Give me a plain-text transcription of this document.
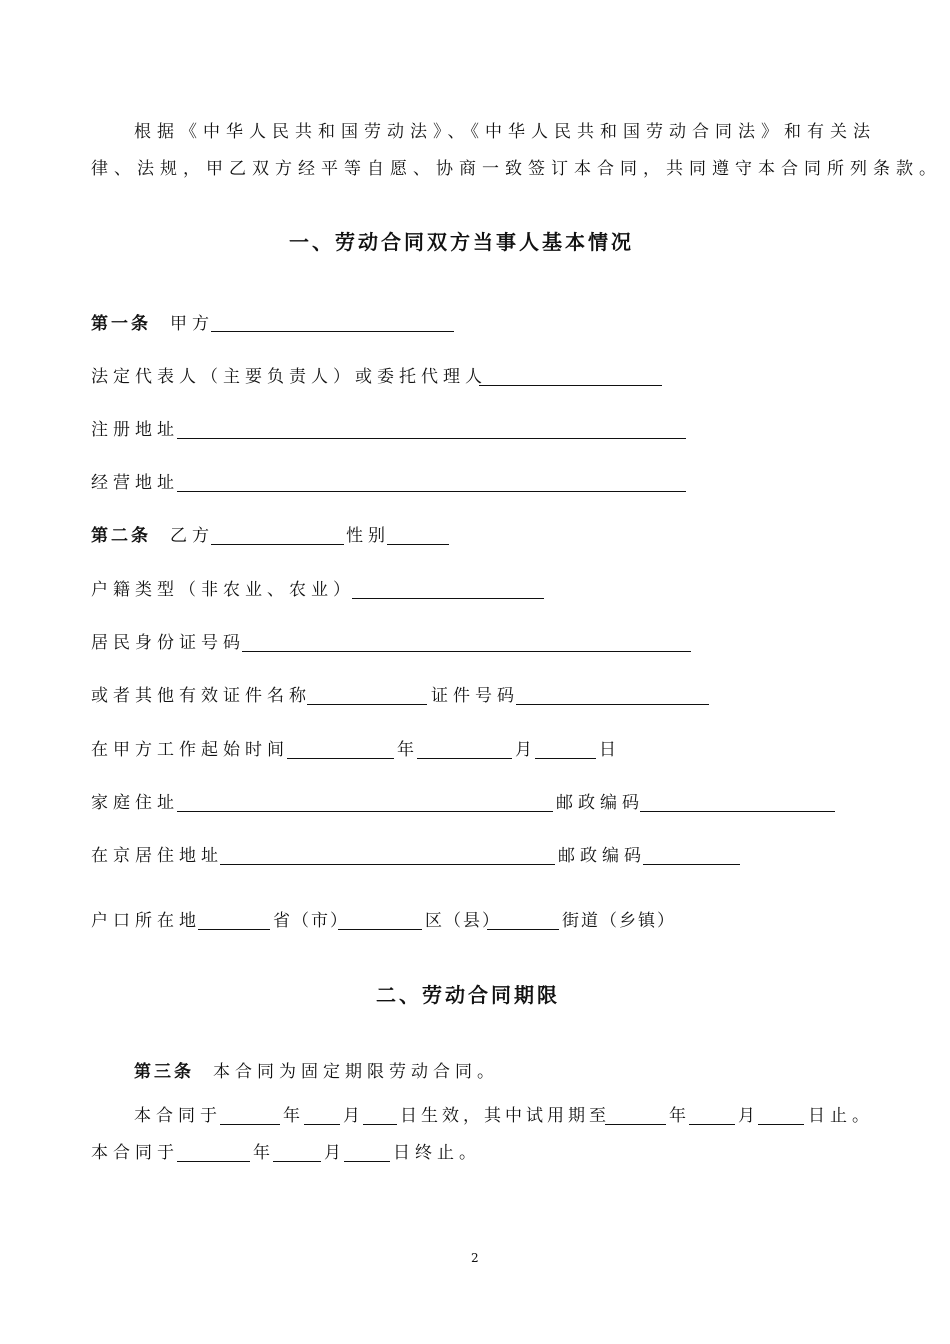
根据《中华人民共和国劳动法》、《中华人民共和国劳动合同法》和有关法
律、法规，甲乙双方经平等自愿、协商一致签订本合同，共同遵守本合同所列条款。
一、劳动合同双方当事人基本情况
第一条 甲方
法定代表人（主要负责人）或委托代理人
注册地址
经营地址
第二条 乙方	性别
户籍类型（非农业、农业）
居民身份证号码
或者其他有效证件名称	证件号码
在甲方工作起始时间	年	月	日
家庭住址	邮政编码
在京居住地址	邮政编码
户口所在地	省（市）	区（县）	街道（乡镇）
二、劳动合同期限
第三条 本合同为固定期限劳动合同。
本合同于	年 月 日生效，其中试用期至	年	月	日止。
本合同于	年	月	日终止。
2
